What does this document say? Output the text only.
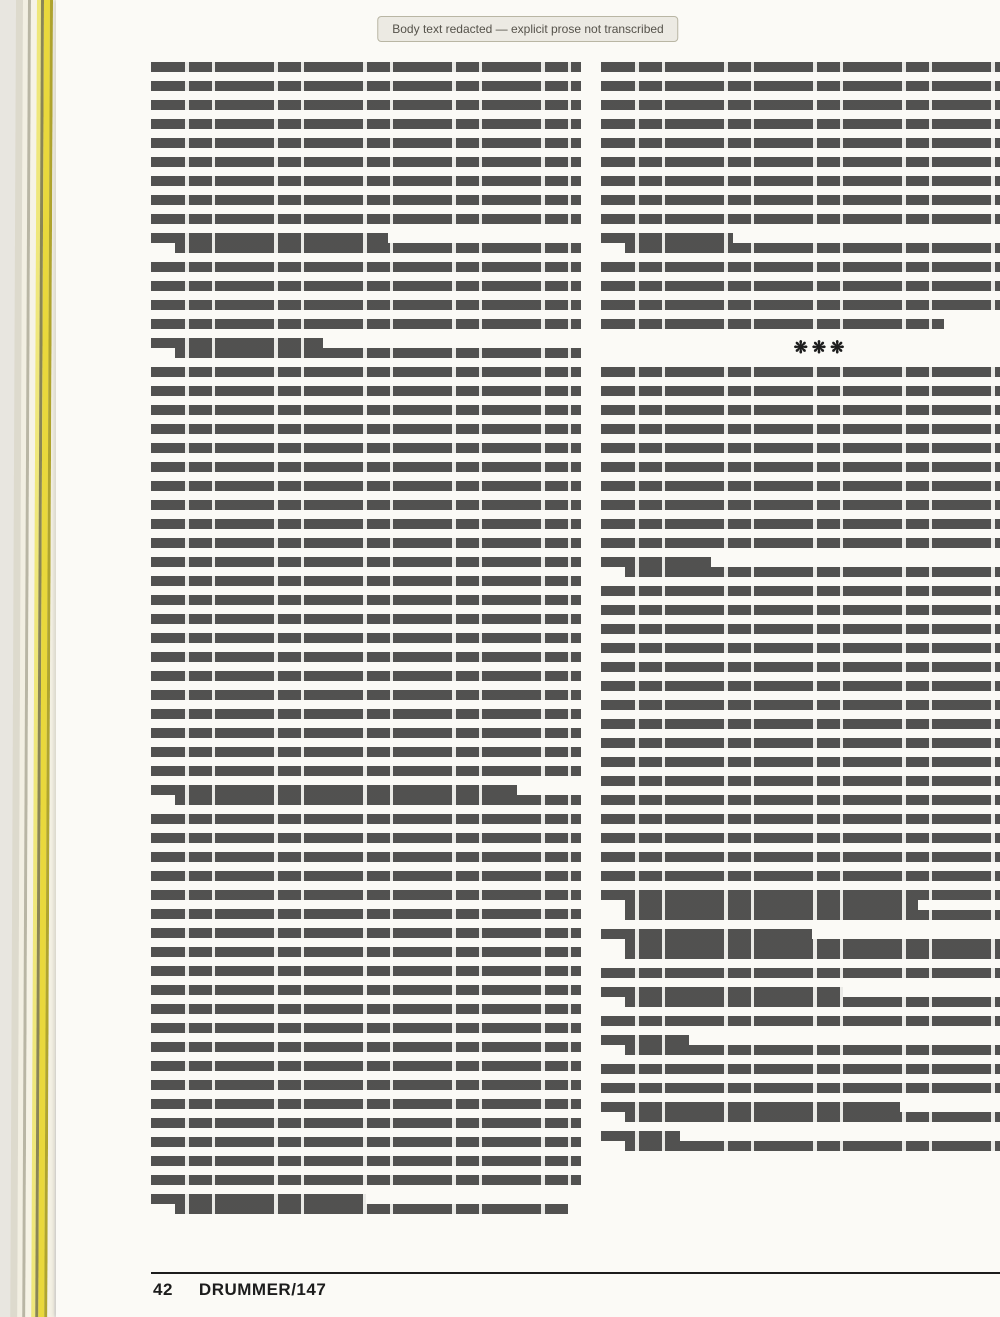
Body text redacted — explicit prose not transcribed
❋❋❋
42 DRUMMER/147
